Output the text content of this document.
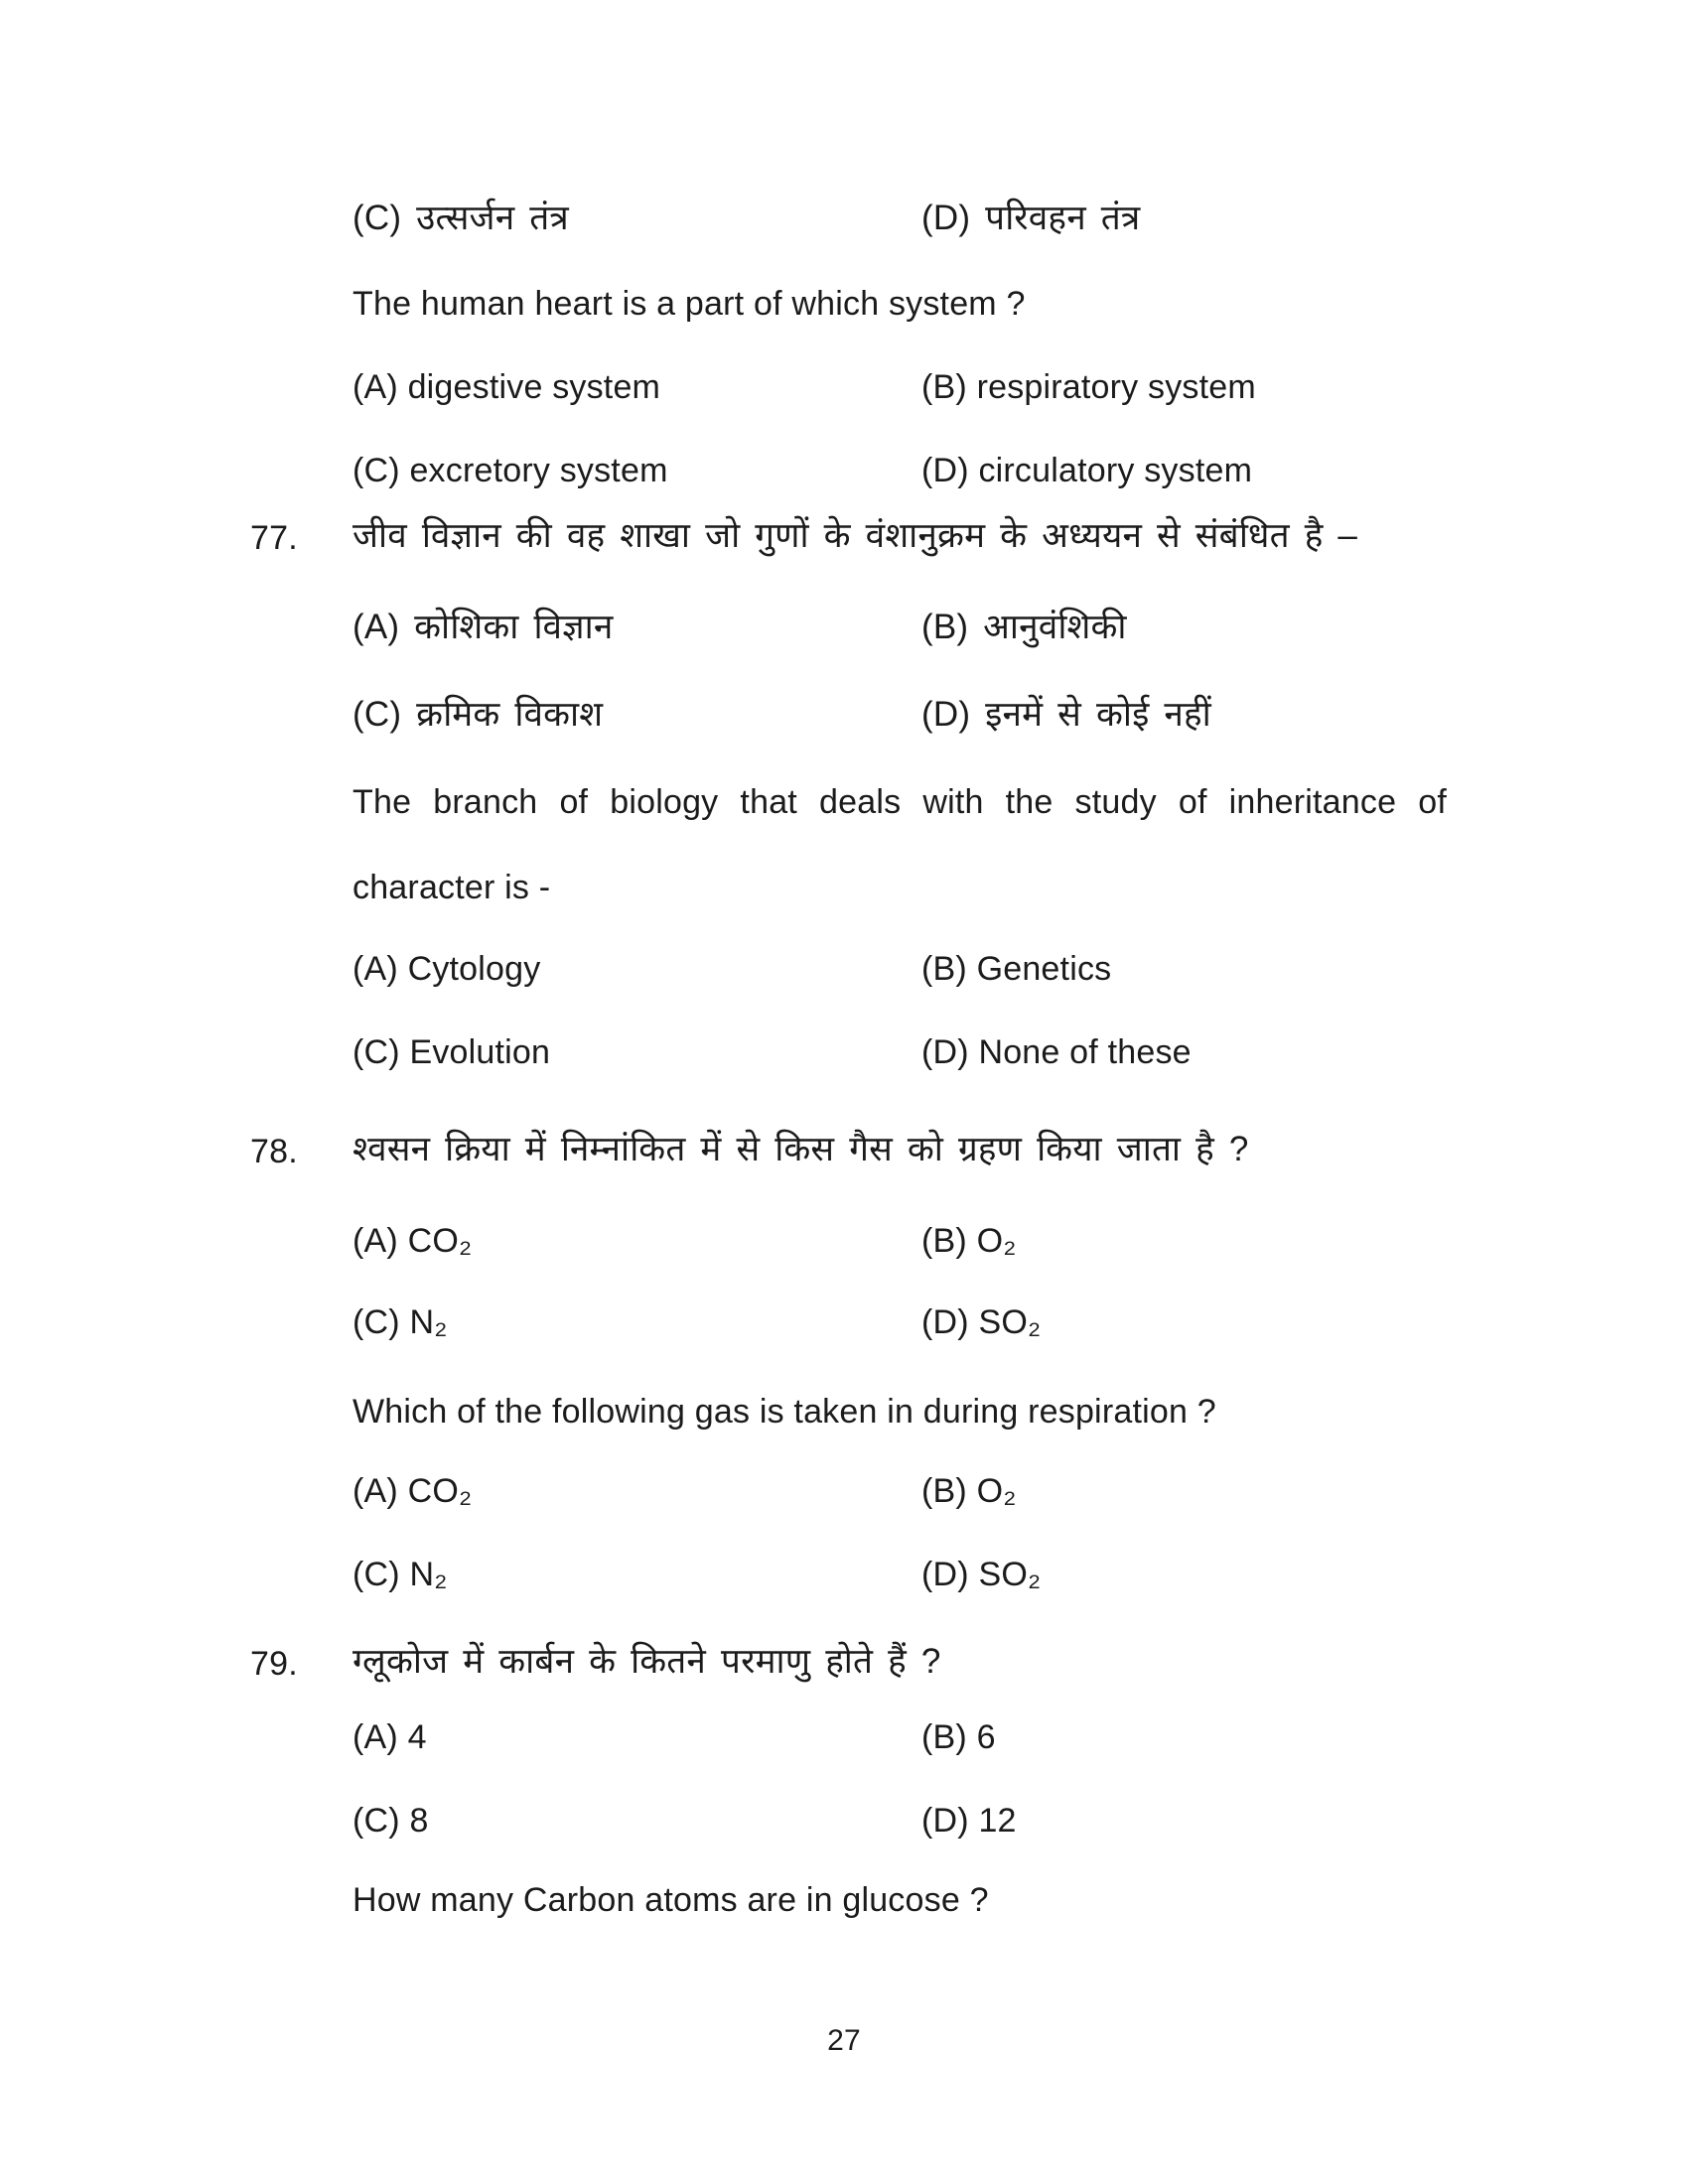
(C) उत्सर्जन तंत्र	(D) परिवहन तंत्र
The human heart is a part of which system ?
(A) digestive system	(B) respiratory system
(C) excretory system	(D) circulatory system
77. जीव विज्ञान की वह शाखा जो गुणों के वंशानुक्रम के अध्ययन से संबंधित है –
(A) कोशिका विज्ञान	(B) आनुवंशिकी
(C) क्रमिक विकाश	(D) इनमें से कोई नहीं
The branch of biology that deals with the study of inheritance of
character is -
(A) Cytology	(B) Genetics
(C) Evolution	(D) None of these
78. श्वसन क्रिया में निम्नांकित में से किस गैस को ग्रहण किया जाता है ?
(A) CO₂	(B) O₂
(C) N₂	(D) SO₂
Which of the following gas is taken in during respiration ?
(A) CO₂	(B) O₂
(C) N₂	(D) SO₂
79. ग्लूकोज में कार्बन के कितने परमाणु होते हैं ?
(A) 4	(B) 6
(C) 8	(D) 12
How many Carbon atoms are in glucose ?
27
